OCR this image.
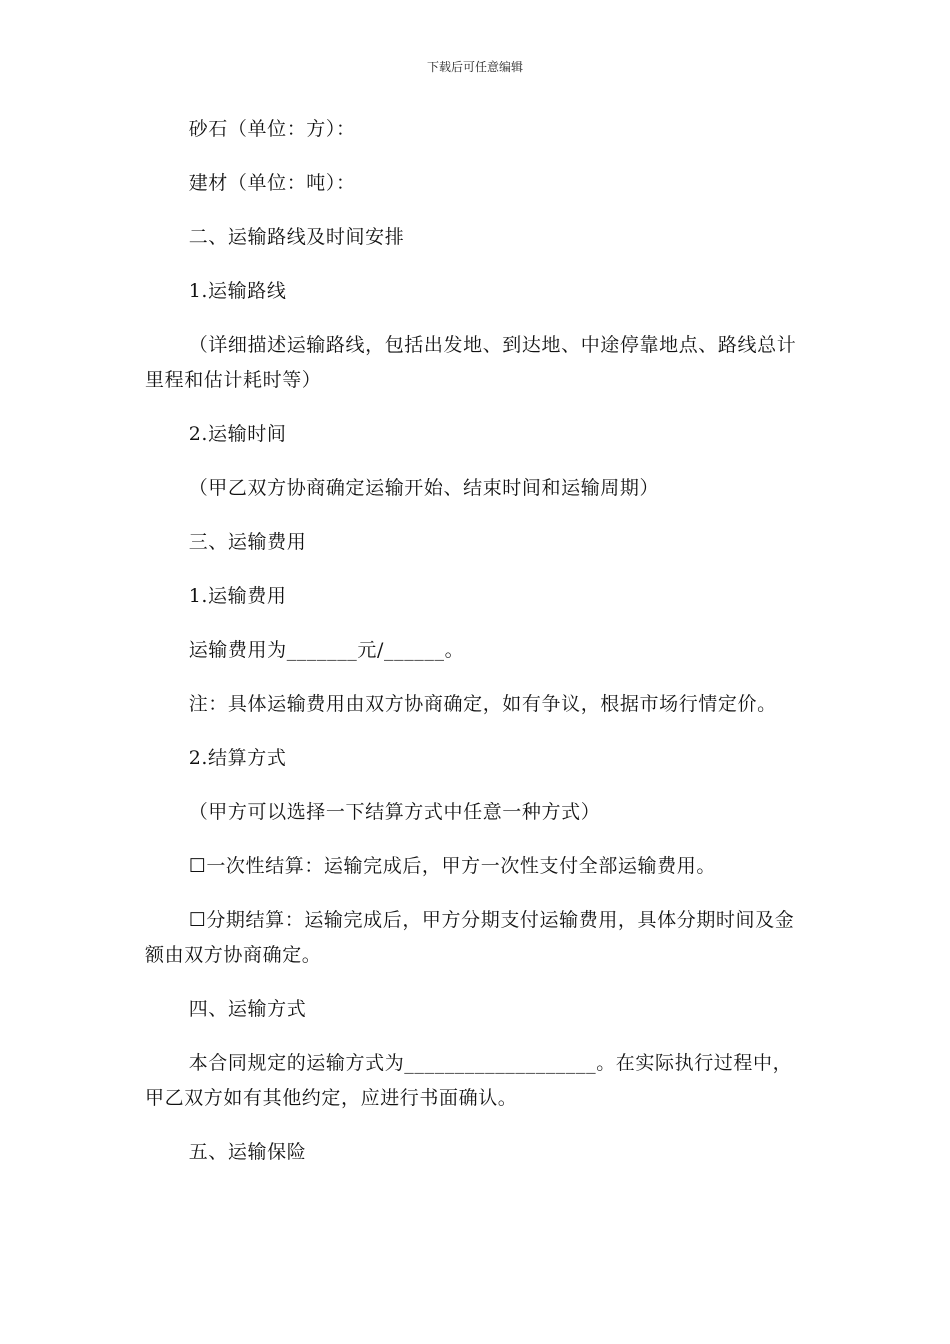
下载后可任意编辑

砂石（单位：方）：

建材（单位：吨）：

二、运输路线及时间安排

1.运输路线

（详细描述运输路线，包括出发地、到达地、中途停靠地点、路线总计里程和估计耗时等）

2.运输时间

（甲乙双方协商确定运输开始、结束时间和运输周期）

三、运输费用

1.运输费用

运输费用为_______元/______。

注：具体运输费用由双方协商确定，如有争议，根据市场行情定价。

2.结算方式

（甲方可以选择一下结算方式中任意一种方式）

☐一次性结算：运输完成后，甲方一次性支付全部运输费用。

☐分期结算：运输完成后，甲方分期支付运输费用，具体分期时间及金额由双方协商确定。

四、运输方式

本合同规定的运输方式为___________________。在实际执行过程中，甲乙双方如有其他约定，应进行书面确认。

五、运输保险
